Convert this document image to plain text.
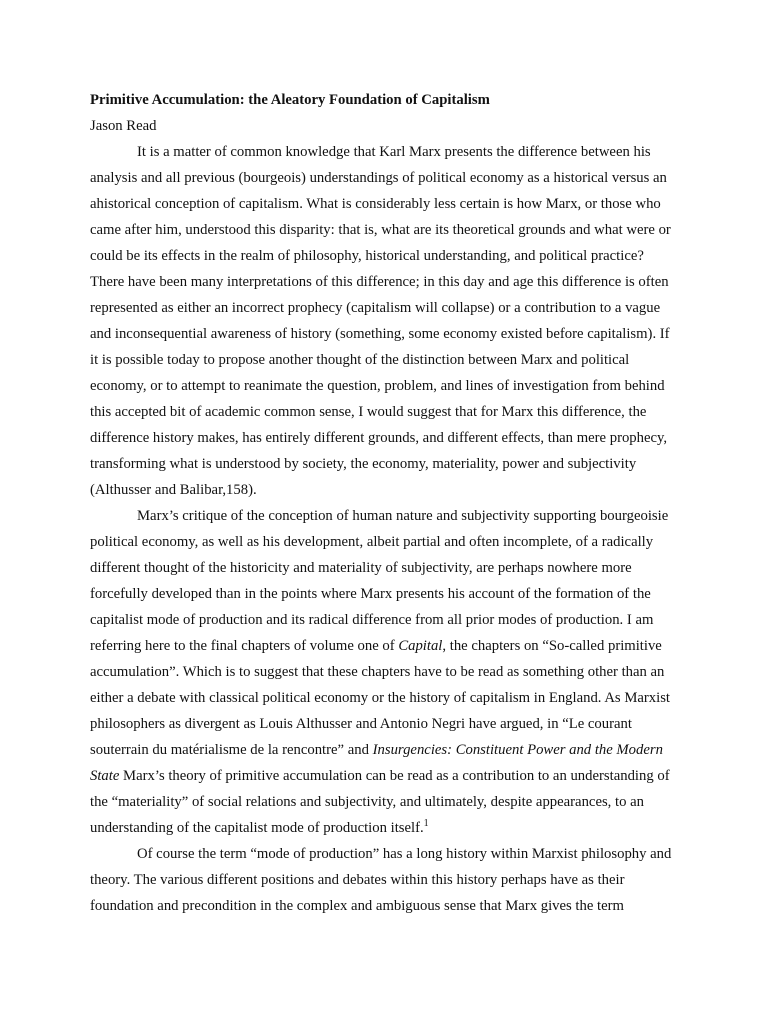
Primitive Accumulation: the Aleatory Foundation of Capitalism

Jason Read

It is a matter of common knowledge that Karl Marx presents the difference between his analysis and all previous (bourgeois) understandings of political economy as a historical versus an ahistorical conception of capitalism. What is considerably less certain is how Marx, or those who came after him, understood this disparity: that is, what are its theoretical grounds and what were or could be its effects in the realm of philosophy, historical understanding, and political practice? There have been many interpretations of this difference; in this day and age this difference is often represented as either an incorrect prophecy (capitalism will collapse) or a contribution to a vague and inconsequential awareness of history (something, some economy existed before capitalism). If it is possible today to propose another thought of the distinction between Marx and political economy, or to attempt to reanimate the question, problem, and lines of investigation from behind this accepted bit of academic common sense, I would suggest that for Marx this difference, the difference history makes, has entirely different grounds, and different effects, than mere prophecy, transforming what is understood by society, the economy, materiality, power and subjectivity (Althusser and Balibar,158).

Marx’s critique of the conception of human nature and subjectivity supporting bourgeoisie political economy, as well as his development, albeit partial and often incomplete, of a radically different thought of the historicity and materiality of subjectivity, are perhaps nowhere more forcefully developed than in the points where Marx presents his account of the formation of the capitalist mode of production and its radical difference from all prior modes of production. I am referring here to the final chapters of volume one of Capital, the chapters on “So-called primitive accumulation”. Which is to suggest that these chapters have to be read as something other than an either a debate with classical political economy or the history of capitalism in England. As Marxist philosophers as divergent as Louis Althusser and Antonio Negri have argued, in “Le courant souterrain du matérialisme de la rencontre” and Insurgencies: Constituent Power and the Modern State Marx’s theory of primitive accumulation can be read as a contribution to an understanding of the “materiality” of social relations and subjectivity, and ultimately, despite appearances, to an understanding of the capitalist mode of production itself.$^1$

Of course the term “mode of production” has a long history within Marxist philosophy and theory. The various different positions and debates within this history perhaps have as their foundation and precondition in the complex and ambiguous sense that Marx gives the term
